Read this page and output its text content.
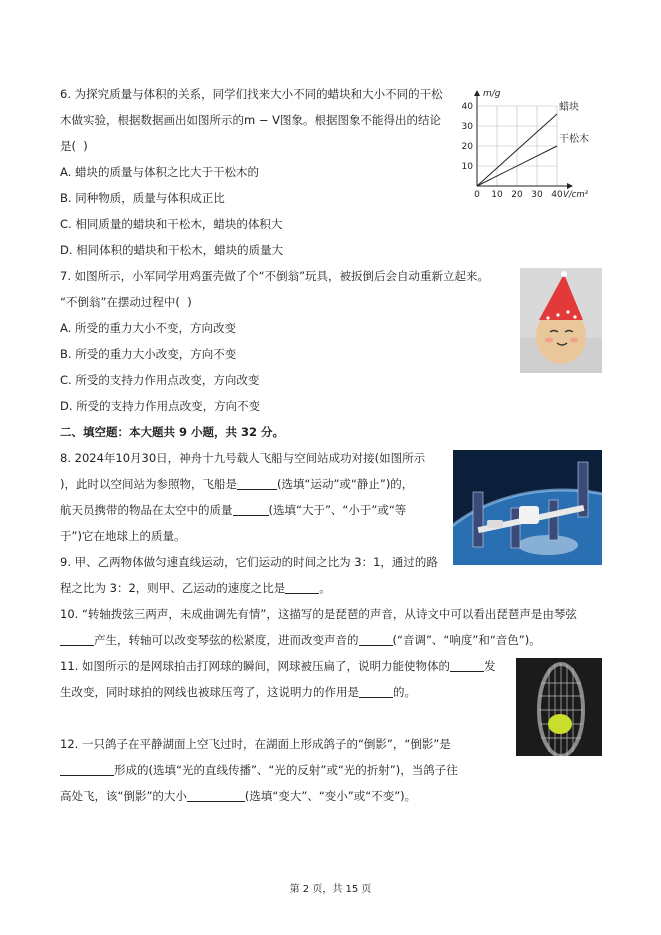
6. 为探究质量与体积的关系，同学们找来大小不同的蜡块和大小不同的干松
木做实验，根据数据画出如图所示的m − V图象。根据图象不能得出的结论
是(  )
A. 蜡块的质量与体积之比大于干松木的
B. 同种物质，质量与体积成正比
C. 相同质量的蜡块和干松木，蜡块的体积大
D. 相同体积的蜡块和干松木，蜡块的质量大
0 10 20 30 40
10
20
30
40
m/g
V/cm³
蜡块
干松木
7. 如图所示，小军同学用鸡蛋壳做了个“不倒翁”玩具，被扳倒后会自动重新立起来。
“不倒翁”在摆动过程中(  )
A. 所受的重力大小不变，方向改变
B. 所受的重力大小改变，方向不变
C. 所受的支持力作用点改变，方向改变
D. 所受的支持力作用点改变，方向不变
二、填空题：本大题共 9 小题，共 32 分。
8. 2024年10月30日，神舟十九号载人飞船与空间站成功对接(如图所示
)，此时以空间站为参照物，飞船是	(选填“运动”或“静止”)的，
航天员携带的物品在太空中的质量	(选填“大于”、“小于”或“等
于”)它在地球上的质量。
9. 甲、乙两物体做匀速直线运动，它们运动的时间之比为 3：1，通过的路
程之比为 3：2，则甲、乙运动的速度之比是	。
10. “转轴拨弦三两声，未成曲调先有情”，这描写的是琵琶的声音，从诗文中可以看出琵琶声是由琴弦
产生，转轴可以改变琴弦的松紧度，进而改变声音的	(“音调”、“响度”和“音色”)。
11. 如图所示的是网球拍击打网球的瞬间，网球被压扁了，说明力能使物体的	发
生改变，同时球拍的网线也被球压弯了，这说明力的作用是	的。
12. 一只鸽子在平静湖面上空飞过时，在湖面上形成鸽子的“倒影”，“倒影”是
形成的(选填“光的直线传播”、“光的反射”或“光的折射”)，当鸽子往
高处飞，该“倒影”的大小	(选填“变大”、“变小”或“不变”)。
第 2 页，共 15 页
